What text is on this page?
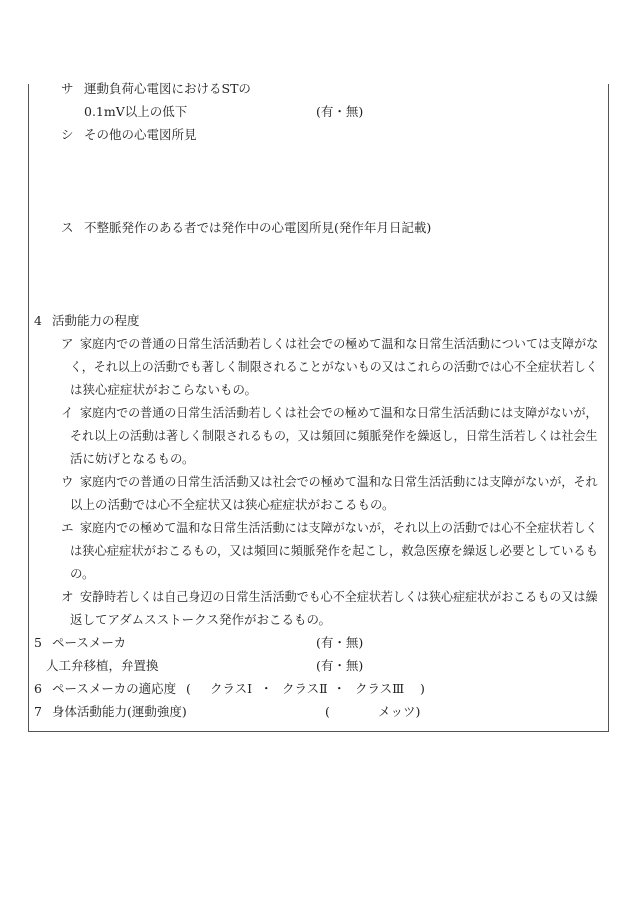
サ 運動負荷心電図におけるSTの
0.1mV以上の低下	(有・無)
シ その他の心電図所見
ス 不整脈発作のある者では発作中の心電図所見(発作年月日記載)
4 活動能力の程度
ア 家庭内での普通の日常生活活動若しくは社会での極めて温和な日常生活活動については支障がな
く，それ以上の活動でも著しく制限されることがないもの又はこれらの活動では心不全症状若しく
は狭心症症状がおこらないもの。
イ 家庭内での普通の日常生活活動若しくは社会での極めて温和な日常生活活動には支障がないが，
それ以上の活動は著しく制限されるもの，又は頻回に頻脈発作を繰返し，日常生活若しくは社会生
活に妨げとなるもの。
ウ 家庭内での普通の日常生活活動又は社会での極めて温和な日常生活活動には支障がないが，それ
以上の活動では心不全症状又は狭心症症状がおこるもの。
エ 家庭内での極めて温和な日常生活活動には支障がないが，それ以上の活動では心不全症状若しく
は狭心症症状がおこるもの，又は頻回に頻脈発作を起こし，救急医療を繰返し必要としているも
の。
オ 安静時若しくは自己身辺の日常生活活動でも心不全症状若しくは狭心症症状がおこるもの又は繰
返してアダムスストークス発作がおこるもの。
5 ペースメーカ	(有・無)
人工弁移植，弁置換	(有・無)
6 ペースメーカの適応度 ( クラスⅠ ・ クラスⅡ ・ クラスⅢ )
7 身体活動能力(運動強度)	(	メッツ)
